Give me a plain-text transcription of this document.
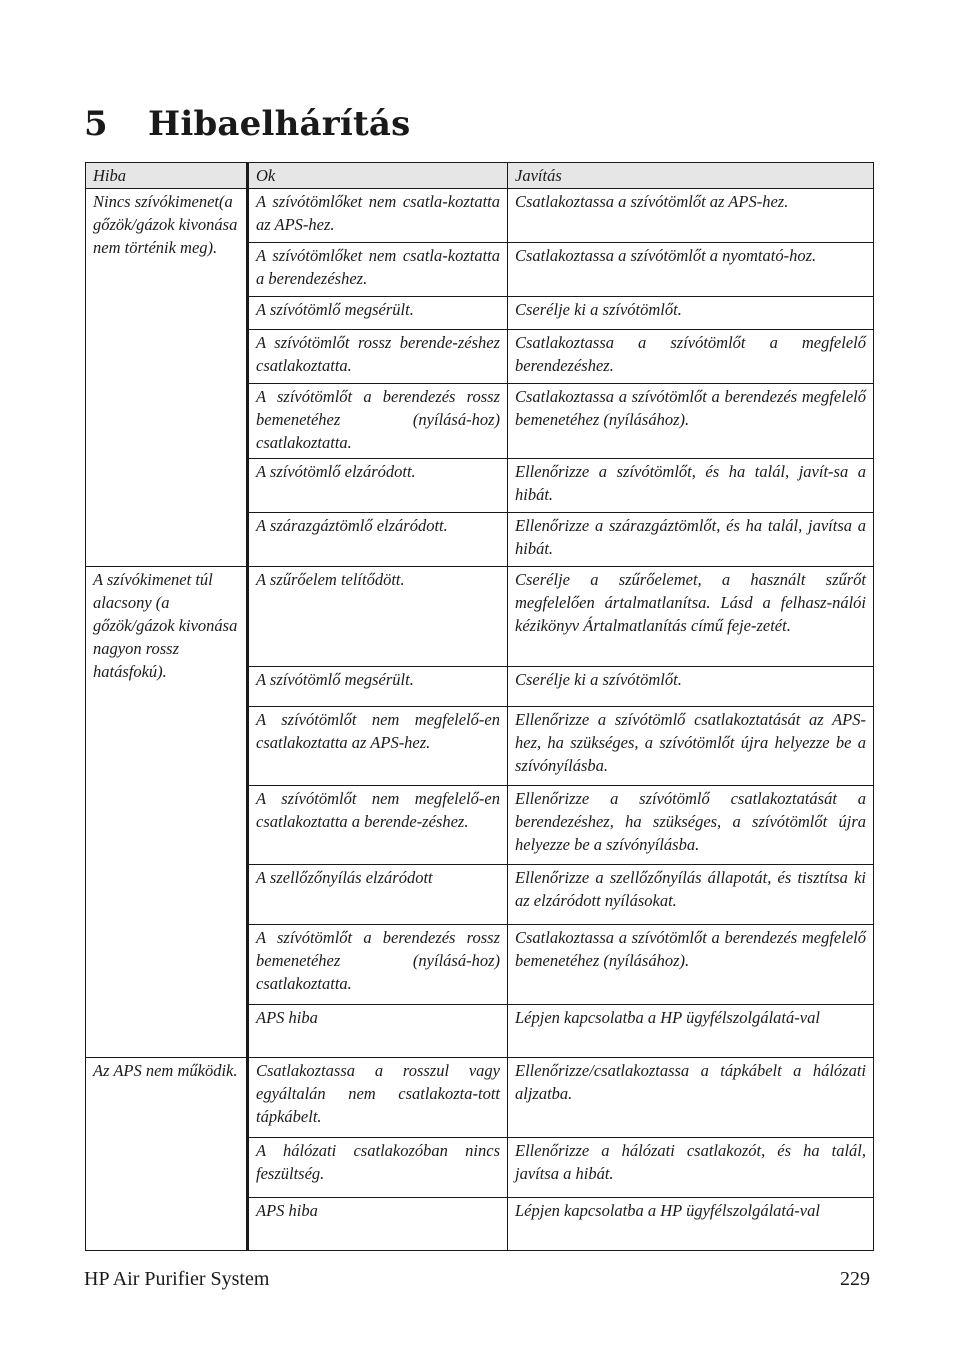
5 Hibaelhárítás
Hiba	Ok	Javítás
Nincs szívókimenet(a gőzök/gázok kivonása nem történik meg).	A szívótömlőket nem csatla-koztatta az APS-hez.	Csatlakoztassa a szívótömlőt az APS-hez.
	A szívótömlőket nem csatla-koztatta a berendezéshez.	Csatlakoztassa a szívótömlőt a nyomtató-hoz.
	A szívótömlő megsérült.	Cserélje ki a szívótömlőt.
	A szívótömlőt rossz berende-zéshez csatlakoztatta.	Csatlakoztassa a szívótömlőt a megfelelő berendezéshez.
	A szívótömlőt a berendezés rossz bemenetéhez (nyílásá-hoz) csatlakoztatta.	Csatlakoztassa a szívótömlőt a berendezés megfelelő bemenetéhez (nyílásához).
	A szívótömlő elzáródott.	Ellenőrizze a szívótömlőt, és ha talál, javít-sa a hibát.
	A szárazgáztömlő elzáródott.	Ellenőrizze a szárazgáztömlőt, és ha talál, javítsa a hibát.
A szívókimenet túl alacsony (a gőzök/gázok kivonása nagyon rossz hatásfokú).	A szűrőelem telítődött.	Cserélje a szűrőelemet, a használt szűrőt megfelelően ártalmatlanítsa. Lásd a felhasz-nálói kézikönyv Ártalmatlanítás című feje-zetét.
	A szívótömlő megsérült.	Cserélje ki a szívótömlőt.
	A szívótömlőt nem megfelelő-en csatlakoztatta az APS-hez.	Ellenőrizze a szívótömlő csatlakoztatását az APS-hez, ha szükséges, a szívótömlőt újra helyezze be a szívónyílásba.
	A szívótömlőt nem megfelelő-en csatlakoztatta a berende-zéshez.	Ellenőrizze a szívótömlő csatlakoztatását a berendezéshez, ha szükséges, a szívótömlőt újra helyezze be a szívónyílásba.
	A szellőzőnyílás elzáródott	Ellenőrizze a szellőzőnyílás állapotát, és tisztítsa ki az elzáródott nyílásokat.
	A szívótömlőt a berendezés rossz bemenetéhez (nyílásá-hoz) csatlakoztatta.	Csatlakoztassa a szívótömlőt a berendezés megfelelő bemenetéhez (nyílásához).
	APS hiba	Lépjen kapcsolatba a HP ügyfélszolgálatá-val
Az APS nem működik.	Csatlakoztassa a rosszul vagy egyáltalán nem csatlakozta-tott tápkábelt.	Ellenőrizze/csatlakoztassa a tápkábelt a hálózati aljzatba.
	A hálózati csatlakozóban nincs feszültség.	Ellenőrizze a hálózati csatlakozót, és ha talál, javítsa a hibát.
	APS hiba	Lépjen kapcsolatba a HP ügyfélszolgálatá-val
HP Air Purifier System	229
